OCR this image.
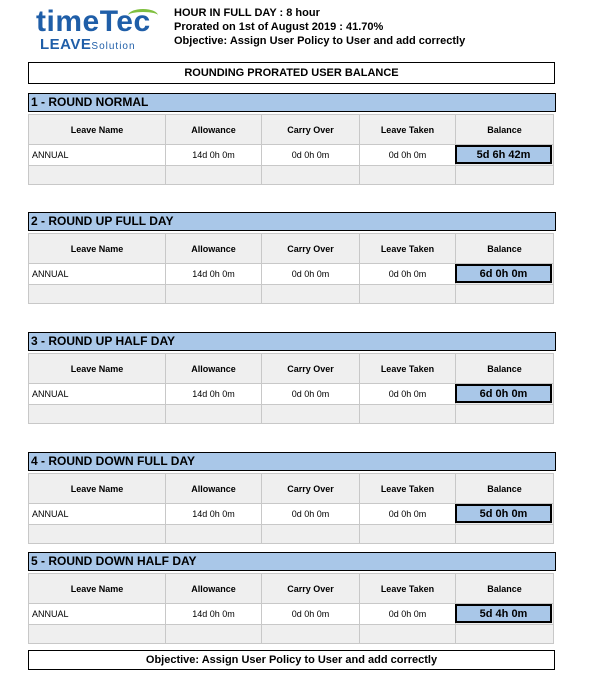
timeTec
LEAVESolution
HOUR IN FULL DAY : 8 hour
Prorated on 1st of August 2019 : 41.70%
Objective: Assign User Policy to User and add correctly
ROUNDING PRORATED USER BALANCE
1 - ROUND NORMAL
Leave Name	Allowance	Carry Over	Leave Taken	Balance
ANNUAL	14d 0h 0m	0d 0h 0m	0d 0h 0m	5d 6h 42m
2 - ROUND UP FULL DAY
Leave Name	Allowance	Carry Over	Leave Taken	Balance
ANNUAL	14d 0h 0m	0d 0h 0m	0d 0h 0m	6d 0h 0m
3 - ROUND UP HALF DAY
Leave Name	Allowance	Carry Over	Leave Taken	Balance
ANNUAL	14d 0h 0m	0d 0h 0m	0d 0h 0m	6d 0h 0m
4 - ROUND DOWN FULL DAY
Leave Name	Allowance	Carry Over	Leave Taken	Balance
ANNUAL	14d 0h 0m	0d 0h 0m	0d 0h 0m	5d 0h 0m
5 - ROUND DOWN HALF DAY
Leave Name	Allowance	Carry Over	Leave Taken	Balance
ANNUAL	14d 0h 0m	0d 0h 0m	0d 0h 0m	5d 4h 0m
Objective: Assign User Policy to User and add correctly
